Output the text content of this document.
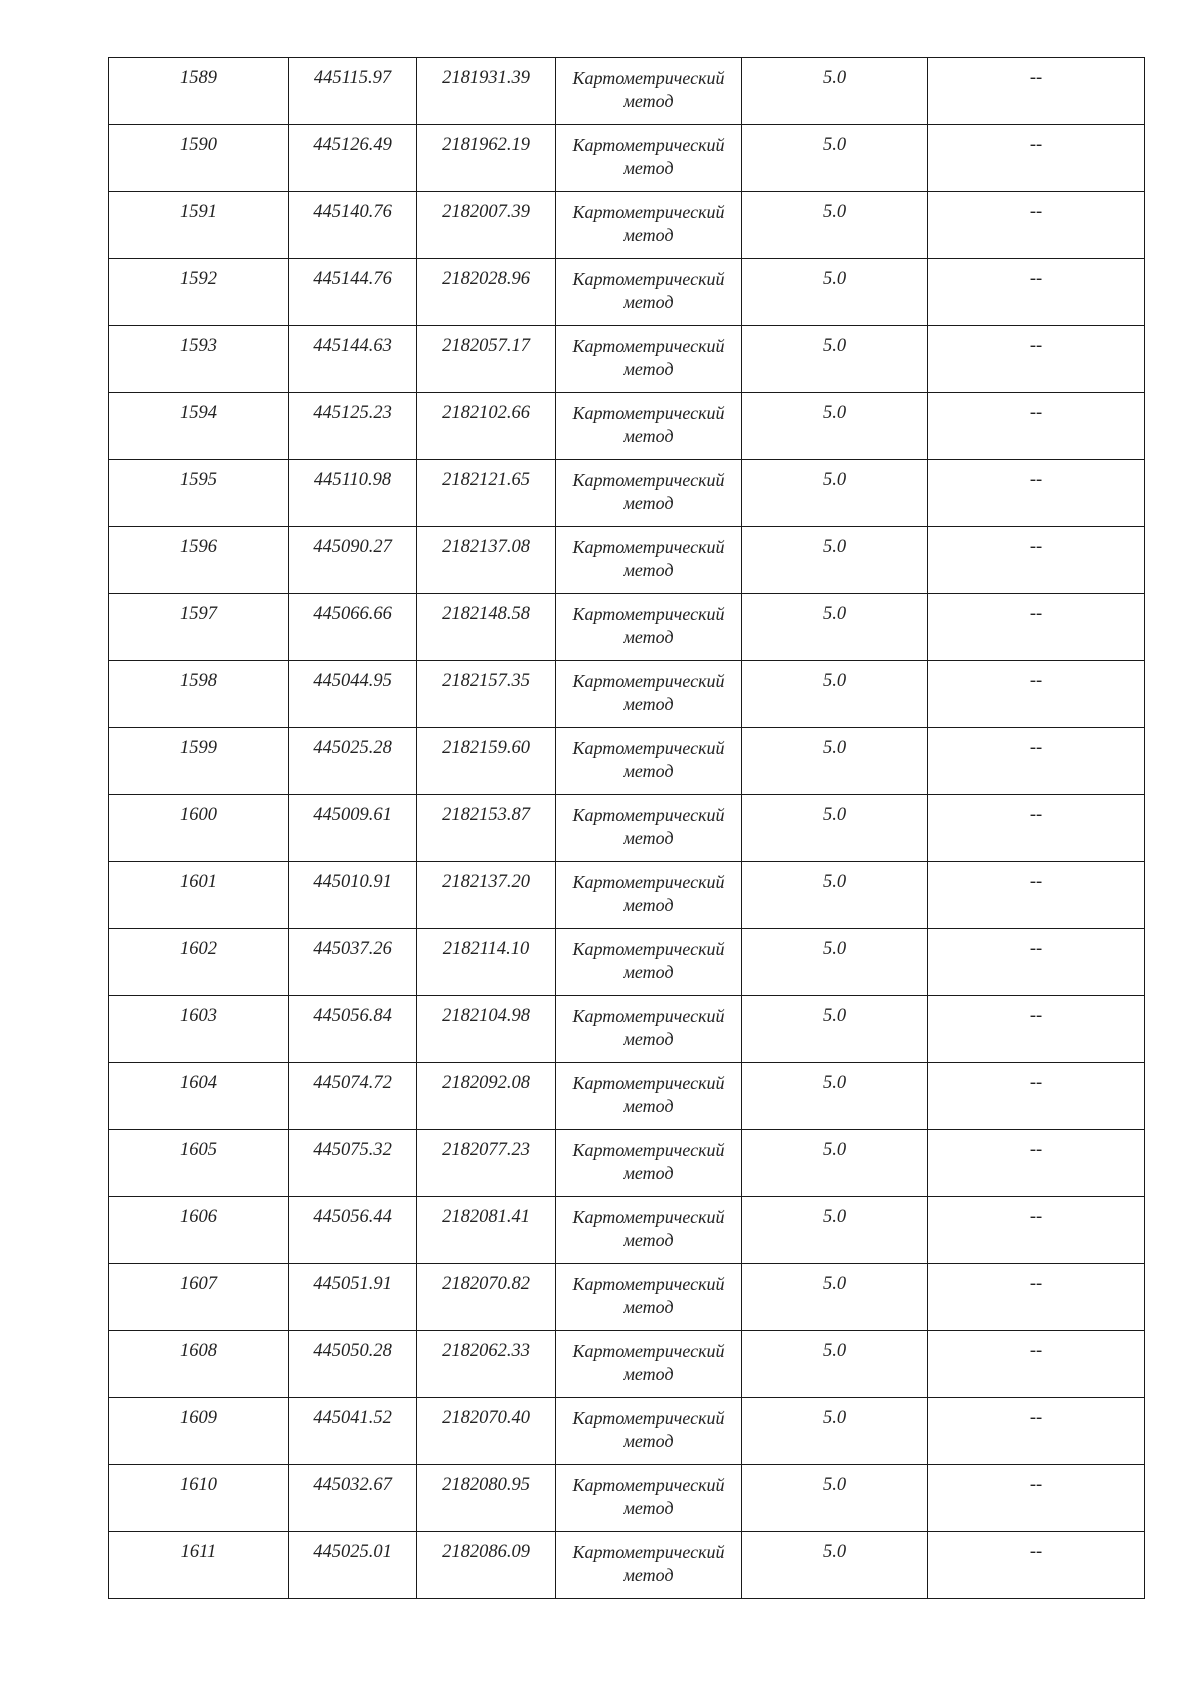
1589	445115.97	2181931.39	Картометрический метод	5.0	--

1590	445126.49	2181962.19	Картометрический метод	5.0	--

1591	445140.76	2182007.39	Картометрический метод	5.0	--

1592	445144.76	2182028.96	Картометрический метод	5.0	--

1593	445144.63	2182057.17	Картометрический метод	5.0	--

1594	445125.23	2182102.66	Картометрический метод	5.0	--

1595	445110.98	2182121.65	Картометрический метод	5.0	--

1596	445090.27	2182137.08	Картометрический метод	5.0	--

1597	445066.66	2182148.58	Картометрический метод	5.0	--

1598	445044.95	2182157.35	Картометрический метод	5.0	--

1599	445025.28	2182159.60	Картометрический метод	5.0	--

1600	445009.61	2182153.87	Картометрический метод	5.0	--

1601	445010.91	2182137.20	Картометрический метод	5.0	--

1602	445037.26	2182114.10	Картометрический метод	5.0	--

1603	445056.84	2182104.98	Картометрический метод	5.0	--

1604	445074.72	2182092.08	Картометрический метод	5.0	--

1605	445075.32	2182077.23	Картометрический метод	5.0	--

1606	445056.44	2182081.41	Картометрический метод	5.0	--

1607	445051.91	2182070.82	Картометрический метод	5.0	--

1608	445050.28	2182062.33	Картометрический метод	5.0	--

1609	445041.52	2182070.40	Картометрический метод	5.0	--

1610	445032.67	2182080.95	Картометрический метод	5.0	--

1611	445025.01	2182086.09	Картометрический метод	5.0	--
